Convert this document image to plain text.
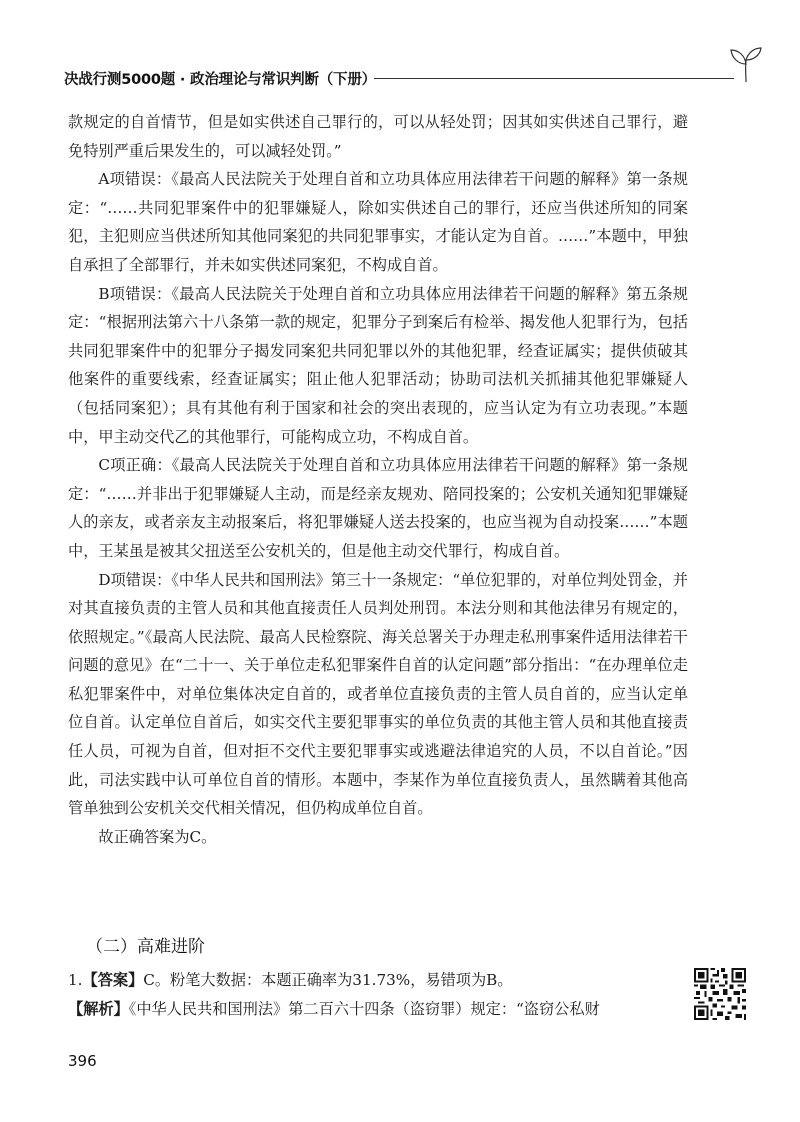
决战行测5000题 · 政治理论与常识判断（下册）

款规定的自首情节，但是如实供述自己罪行的，可以从轻处罚；因其如实供述自己罪行，避免特别严重后果发生的，可以减轻处罚。”

A项错误：《最高人民法院关于处理自首和立功具体应用法律若干问题的解释》第一条规定：“……共同犯罪案件中的犯罪嫌疑人，除如实供述自己的罪行，还应当供述所知的同案犯，主犯则应当供述所知其他同案犯的共同犯罪事实，才能认定为自首。……”本题中，甲独自承担了全部罪行，并未如实供述同案犯，不构成自首。

B项错误：《最高人民法院关于处理自首和立功具体应用法律若干问题的解释》第五条规定：“根据刑法第六十八条第一款的规定，犯罪分子到案后有检举、揭发他人犯罪行为，包括共同犯罪案件中的犯罪分子揭发同案犯共同犯罪以外的其他犯罪，经查证属实；提供侦破其他案件的重要线索，经查证属实；阻止他人犯罪活动；协助司法机关抓捕其他犯罪嫌疑人（包括同案犯）；具有其他有利于国家和社会的突出表现的，应当认定为有立功表现。”本题中，甲主动交代乙的其他罪行，可能构成立功，不构成自首。

C项正确：《最高人民法院关于处理自首和立功具体应用法律若干问题的解释》第一条规定：“……并非出于犯罪嫌疑人主动，而是经亲友规劝、陪同投案的；公安机关通知犯罪嫌疑人的亲友，或者亲友主动报案后，将犯罪嫌疑人送去投案的，也应当视为自动投案……”本题中，王某虽是被其父扭送至公安机关的，但是他主动交代罪行，构成自首。

D项错误：《中华人民共和国刑法》第三十一条规定：“单位犯罪的，对单位判处罚金，并对其直接负责的主管人员和其他直接责任人员判处刑罚。本法分则和其他法律另有规定的，依照规定。”《最高人民法院、最高人民检察院、海关总署关于办理走私刑事案件适用法律若干问题的意见》在“二十一、关于单位走私犯罪案件自首的认定问题”部分指出：“在办理单位走私犯罪案件中，对单位集体决定自首的，或者单位直接负责的主管人员自首的，应当认定单位自首。认定单位自首后，如实交代主要犯罪事实的单位负责的其他主管人员和其他直接责任人员，可视为自首，但对拒不交代主要犯罪事实或逃避法律追究的人员，不以自首论。”因此，司法实践中认可单位自首的情形。本题中，李某作为单位直接负责人，虽然瞒着其他高管单独到公安机关交代相关情况，但仍构成单位自首。

故正确答案为C。

（二）高难进阶

1.【答案】C。粉笔大数据：本题正确率为31.73%，易错项为B。

【解析】《中华人民共和国刑法》第二百六十四条（盗窃罪）规定：“盗窃公私财

396
